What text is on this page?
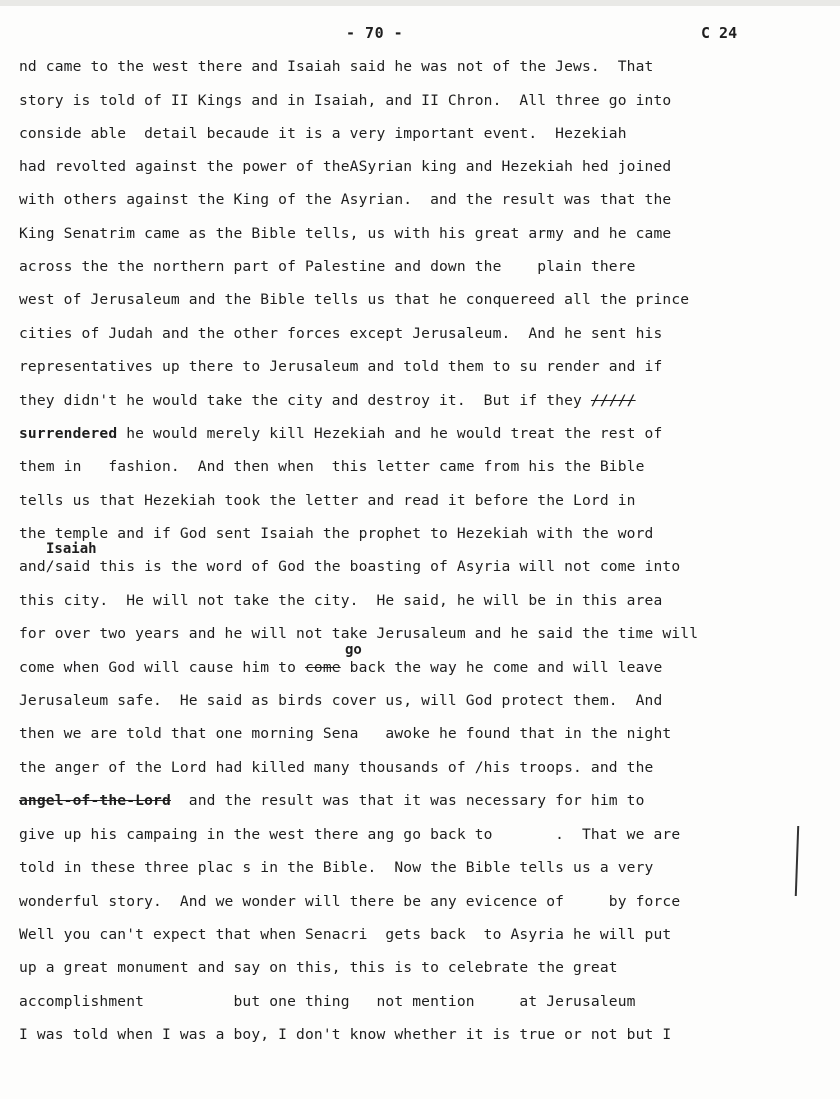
- 70 -	C 24
nd came to the west there and Isaiah said he was not of the Jews.  That
story is told of II Kings and in Isaiah, and II Chron.  All three go into
conside able  detail becaude it is a very important event.  Hezekiah
had revolted against the power of theASyrian king and Hezekiah hed joined
with others against the King of the Asyrian.  and the result was that the
King Senatrim came as the Bible tells, us with his great army and he came
across the the northern part of Palestine and down the    plain there
west of Jerusaleum and the Bible tells us that he conquereed all the prince
cities of Judah and the other forces except Jerusaleum.  And he sent his
representatives up there to Jerusaleum and told them to su render and if
they didn't he would take the city and destroy it.  But if they /////
surrendered he would merely kill Hezekiah and he would treat the rest of
them in   fashion.  And then when  this letter came from his the Bible
tells us that Hezekiah took the letter and read it before the Lord in
the temple and if God sent Isaiah the prophet to Hezekiah with the word
Isaiah
and/said this is the word of God the boasting of Asyria will not come into
this city.  He will not take the city.  He said, he will be in this area
for over two years and he will not take Jerusaleum and he said the time will
go
come when God will cause him to come back the way he come and will leave
Jerusaleum safe.  He said as birds cover us, will God protect them.  And
then we are told that one morning Sena   awoke he found that in the night
the anger of the Lord had killed many thousands of /his troops. and the
angel-of-the-Lord  and the result was that it was necessary for him to
give up his campaing in the west there ang go back to       .  That we are
told in these three plac s in the Bible.  Now the Bible tells us a very
wonderful story.  And we wonder will there be any evicence of     by force
Well you can't expect that when Senacri  gets back  to Asyria he will put
up a great monument and say on this, this is to celebrate the great
accomplishment          but one thing   not mention     at Jerusaleum
I was told when I was a boy, I don't know whether it is true or not but I
